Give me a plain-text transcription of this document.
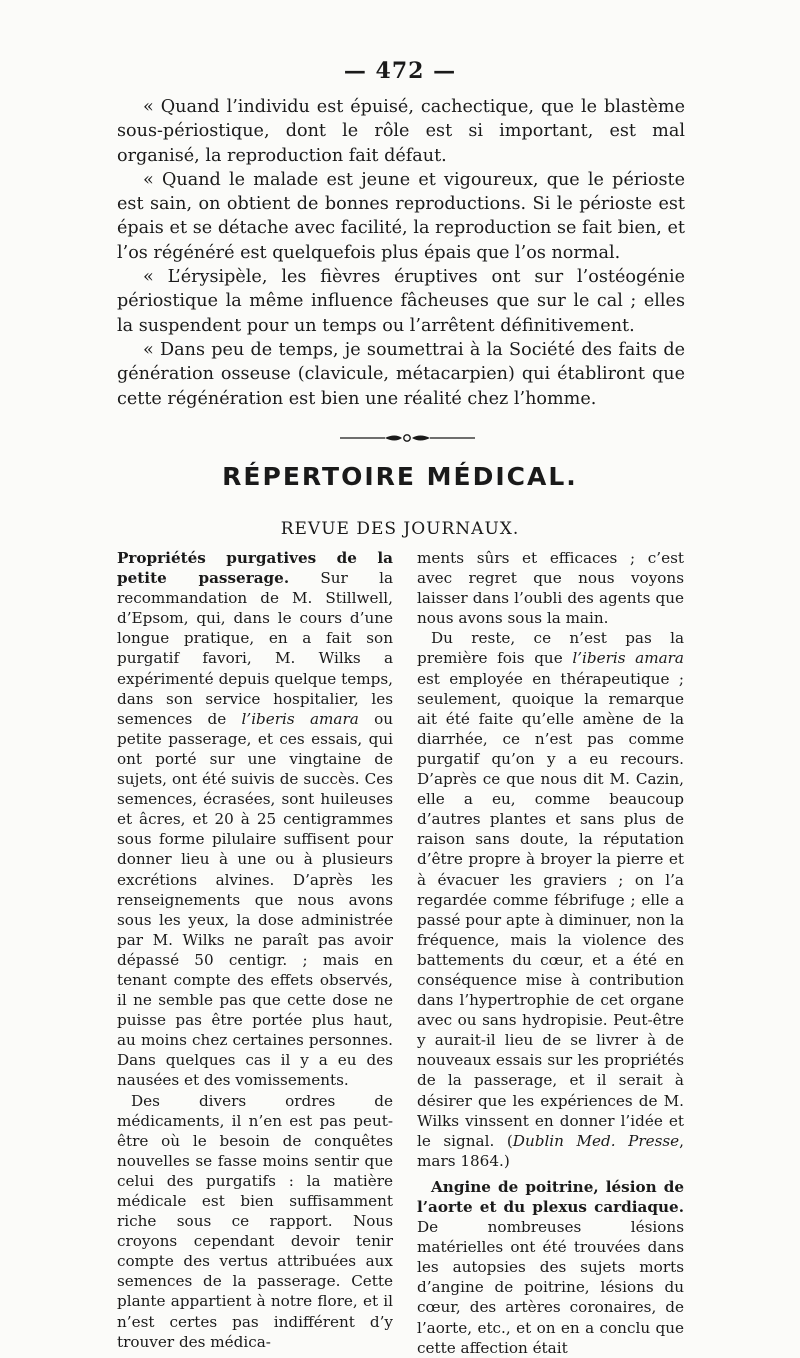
— 472 —

« Quand l’individu est épuisé, cachectique, que le blastème sous-périostique, dont le rôle est si important, est mal organisé, la reproduction fait défaut.

« Quand le malade est jeune et vigoureux, que le périoste est sain, on obtient de bonnes reproductions. Si le périoste est épais et se détache avec facilité, la reproduction se fait bien, et l’os régénéré est quelquefois plus épais que l’os normal.

« L’érysipèle, les fièvres éruptives ont sur l’ostéogénie périostique la même influence fâcheuses que sur le cal ; elles la suspendent pour un temps ou l’arrêtent définitivement.

« Dans peu de temps, je soumettrai à la Société des faits de génération osseuse (clavicule, métacarpien) qui établiront que cette régénération est bien une réalité chez l’homme.

RÉPERTOIRE MÉDICAL.
REVUE DES JOURNAUX.

Propriétés purgatives de la petite passerage. Sur la recommandation de M. Stillwell, d’Epsom, qui, dans le cours d’une longue pratique, en a fait son purgatif favori, M. Wilks a expérimenté depuis quelque temps, dans son service hospitalier, les semences de l’iberis amara ou petite passerage, et ces essais, qui ont porté sur une vingtaine de sujets, ont été suivis de succès. Ces semences, écrasées, sont huileuses et âcres, et 20 à 25 centigrammes sous forme pilulaire suffisent pour donner lieu à une ou à plusieurs excrétions alvines. D’après les renseignements que nous avons sous les yeux, la dose administrée par M. Wilks ne paraît pas avoir dépassé 50 centigr. ; mais en tenant compte des effets observés, il ne semble pas que cette dose ne puisse pas être portée plus haut, au moins chez certaines personnes. Dans quelques cas il y a eu des nausées et des vomissements.

Des divers ordres de médicaments, il n’en est pas peut-être où le besoin de conquêtes nouvelles se fasse moins sentir que celui des purgatifs : la matière médicale est bien suffisamment riche sous ce rapport. Nous croyons cependant devoir tenir compte des vertus attribuées aux semences de la passerage. Cette plante appartient à notre flore, et il n’est certes pas indifférent d’y trouver des médica-

ments sûrs et efficaces ; c’est avec regret que nous voyons laisser dans l’oubli des agents que nous avons sous la main.

Du reste, ce n’est pas la première fois que l’iberis amara est employée en thérapeutique ; seulement, quoique la remarque ait été faite qu’elle amène de la diarrhée, ce n’est pas comme purgatif qu’on y a eu recours. D’après ce que nous dit M. Cazin, elle a eu, comme beaucoup d’autres plantes et sans plus de raison sans doute, la réputation d’être propre à broyer la pierre et à évacuer les graviers ; on l’a regardée comme fébrifuge ; elle a passé pour apte à diminuer, non la fréquence, mais la violence des battements du cœur, et a été en conséquence mise à contribution dans l’hypertrophie de cet organe avec ou sans hydropisie. Peut-être y aurait-il lieu de se livrer à de nouveaux essais sur les propriétés de la passerage, et il serait à désirer que les expériences de M. Wilks vinssent en donner l’idée et le signal. (Dublin Med. Presse, mars 1864.)

Angine de poitrine, lésion de l’aorte et du plexus cardiaque. De nombreuses lésions matérielles ont été trouvées dans les autopsies des sujets morts d’angine de poitrine, lésions du cœur, des artères coronaires, de l’aorte, etc., et on en a conclu que cette affection était
